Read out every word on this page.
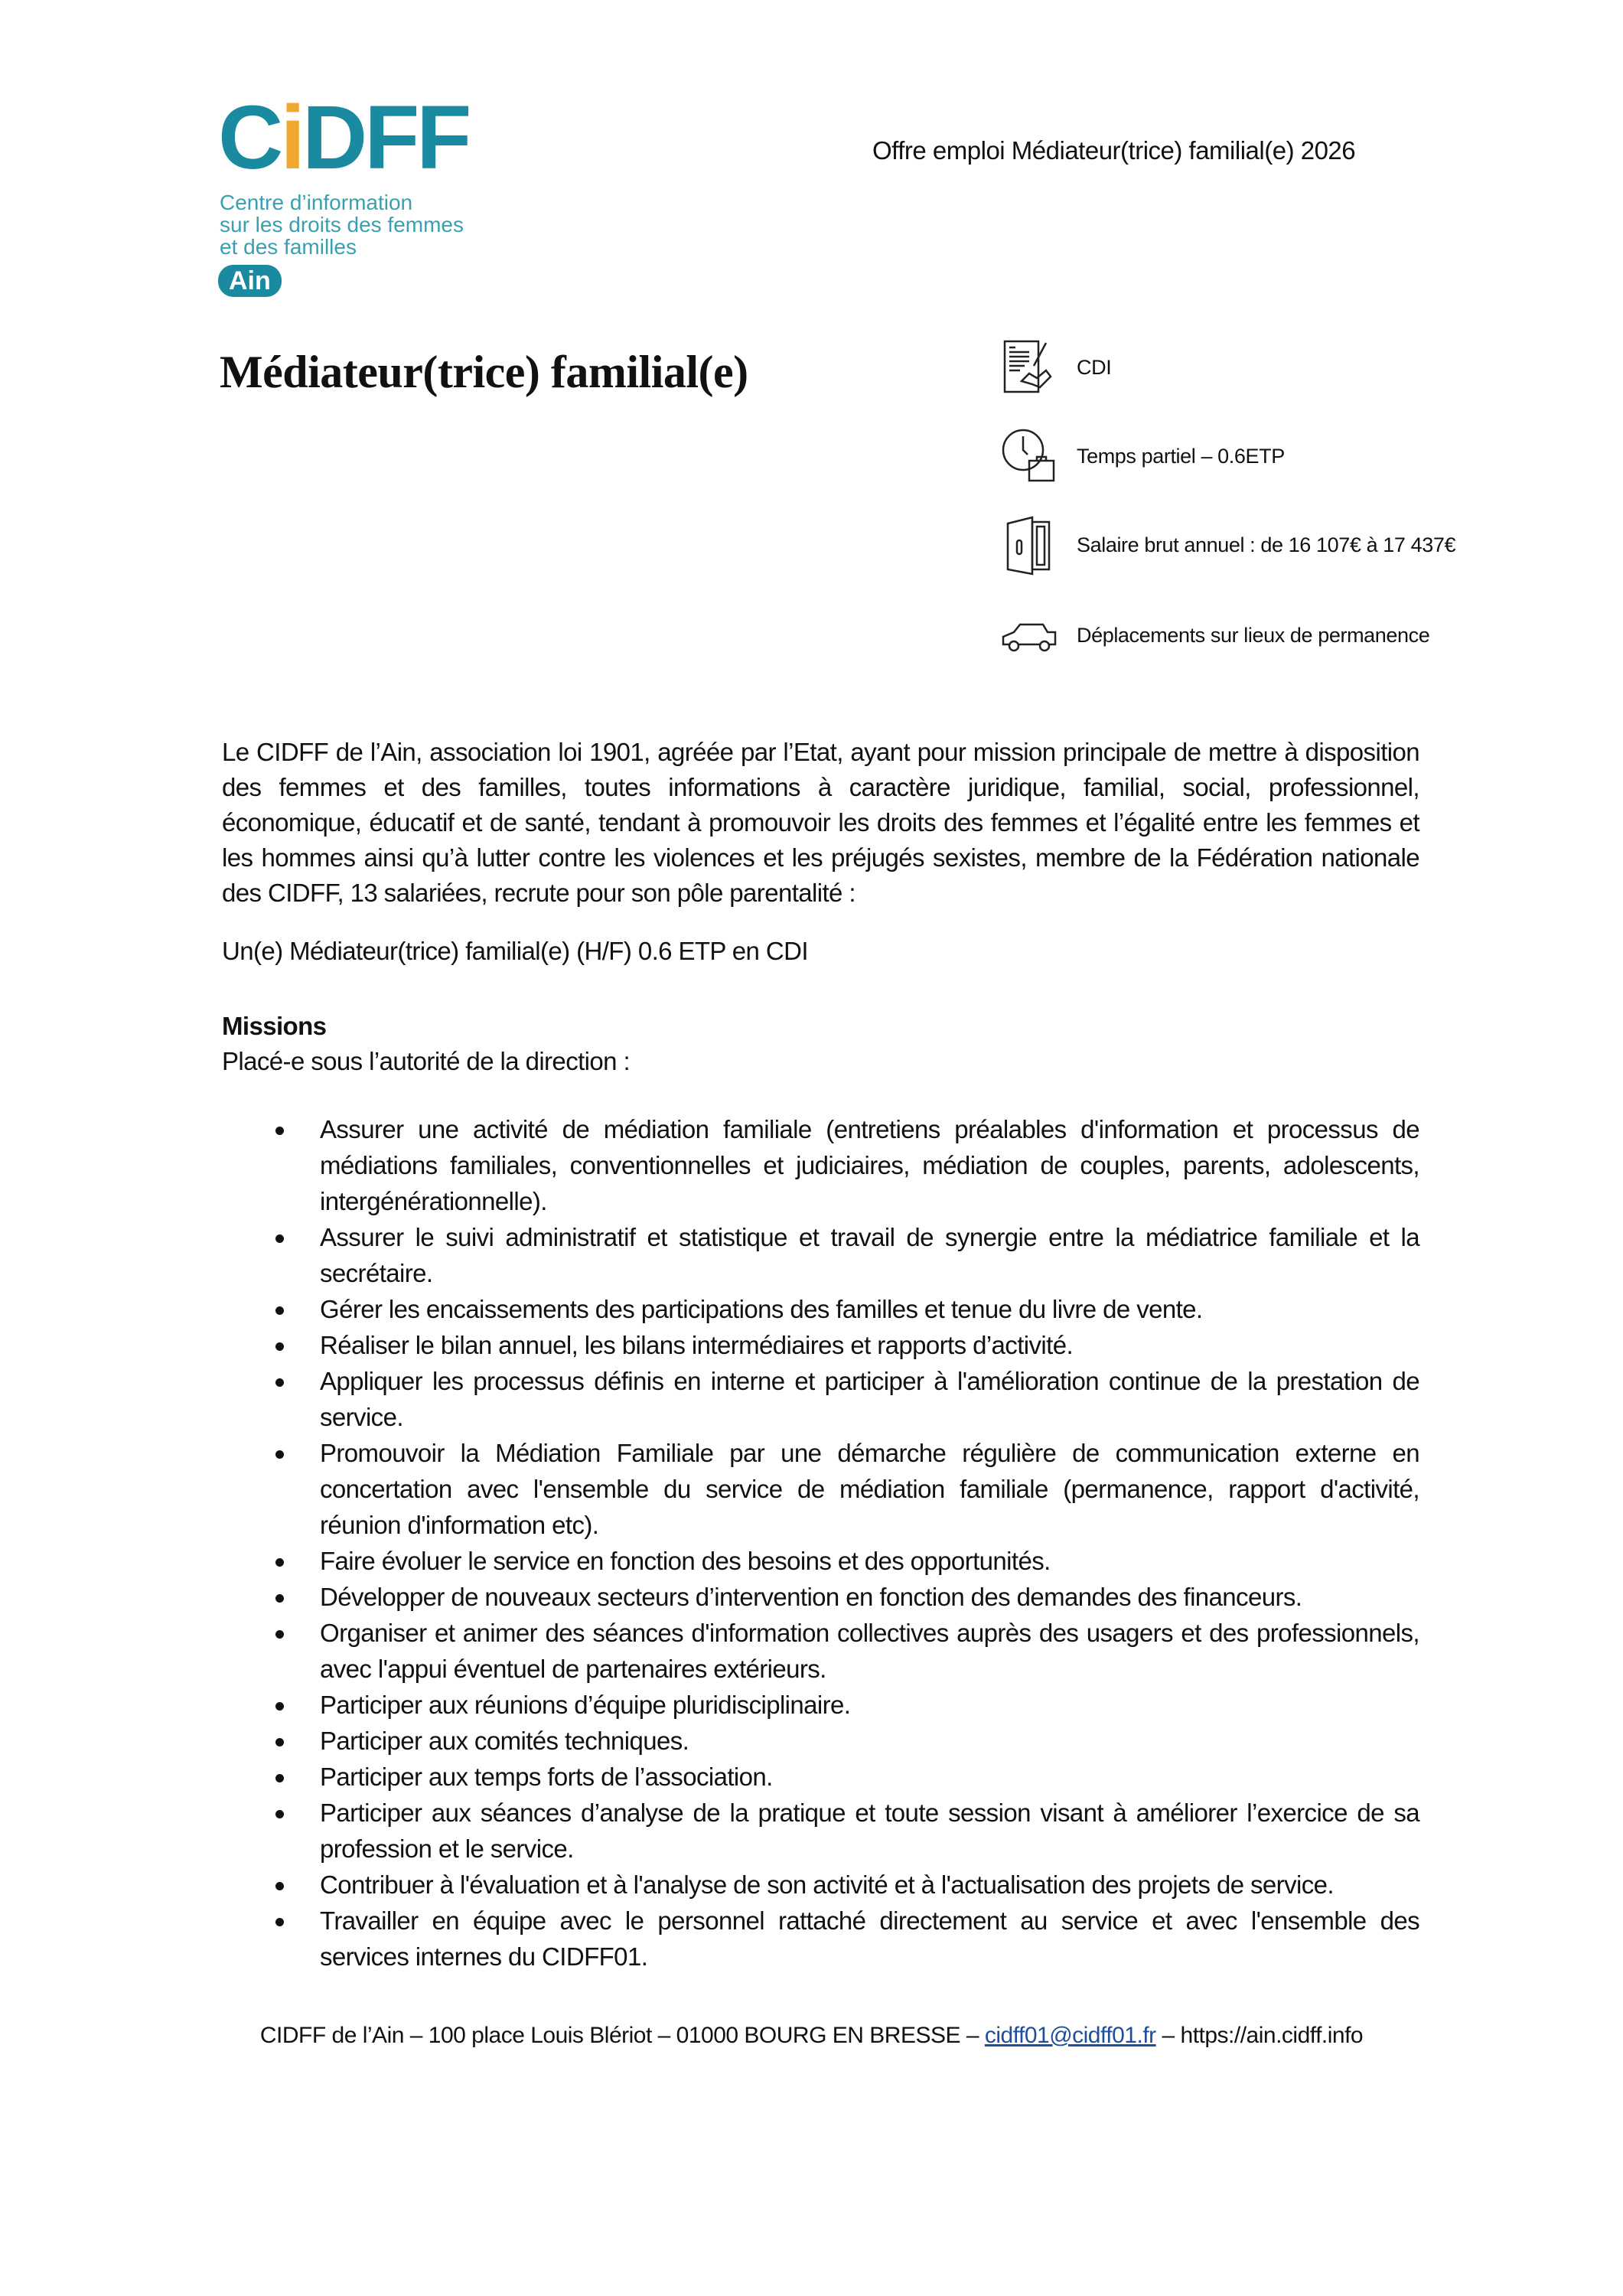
CiDFF
Centre d’information
sur les droits des femmes
et des familles
Ain
Offre emploi Médiateur(trice) familial(e) 2026
Médiateur(trice) familial(e)	CDI
Temps partiel – 0.6ETP
Salaire brut annuel : de 16 107€ à 17 437€
Déplacements sur lieux de permanence

Le CIDFF de l’Ain, association loi 1901, agréée par l’Etat, ayant pour mission principale de mettre à disposition des femmes et des familles, toutes informations à caractère juridique, familial, social, professionnel, économique, éducatif et de santé, tendant à promouvoir les droits des femmes et l’égalité entre les femmes et les hommes ainsi qu’à lutter contre les violences et les préjugés sexistes, membre de la Fédération nationale des CIDFF, 13 salariées, recrute pour son pôle parentalité :

Un(e) Médiateur(trice) familial(e) (H/F) 0.6 ETP en CDI
Missions
Placé-e sous l’autorité de la direction :
Assurer une activité de médiation familiale (entretiens préalables d'information et processus de médiations familiales, conventionnelles et judiciaires, médiation de couples, parents, adolescents, intergénérationnelle).
Assurer le suivi administratif et statistique et travail de synergie entre la médiatrice familiale et la secrétaire.
Gérer les encaissements des participations des familles et tenue du livre de vente.
Réaliser le bilan annuel, les bilans intermédiaires et rapports d’activité.
Appliquer les processus définis en interne et participer à l'amélioration continue de la prestation de service.
Promouvoir la Médiation Familiale par une démarche régulière de communication externe en concertation avec l'ensemble du service de médiation familiale (permanence, rapport d'activité, réunion d'information etc).
Faire évoluer le service en fonction des besoins et des opportunités.
Développer de nouveaux secteurs d’intervention en fonction des demandes des financeurs.
Organiser et animer des séances d'information collectives auprès des usagers et des professionnels, avec l'appui éventuel de partenaires extérieurs.
Participer aux réunions d’équipe pluridisciplinaire.
Participer aux comités techniques.
Participer aux temps forts de l’association.
Participer aux séances d’analyse de la pratique et toute session visant à améliorer l’exercice de sa profession et le service.
Contribuer à l'évaluation et à l'analyse de son activité et à l'actualisation des projets de service.
Travailler en équipe avec le personnel rattaché directement au service et avec l'ensemble des services internes du CIDFF01.
CIDFF de l’Ain – 100 place Louis Blériot – 01000 BOURG EN BRESSE – cidff01@cidff01.fr – https://ain.cidff.info
